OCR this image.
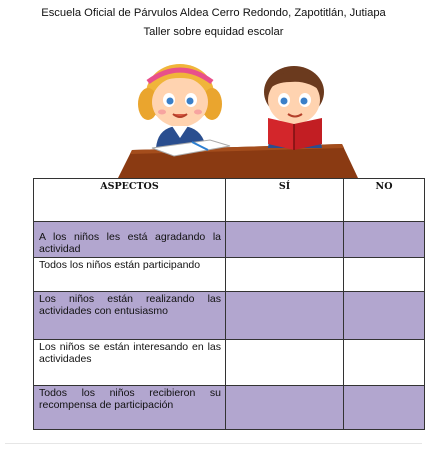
Escuela Oficial de Párvulos Aldea Cerro Redondo, Zapotitlán, Jutiapa
Taller sobre equidad escolar
ASPECTOS	SÍ	NO
A los niños les está agradando la actividad		
Todos los niños están participando		
Los niños están realizando las actividades con entusiasmo		
Los niños se están interesando en las actividades		
Todos los niños recibieron su recompensa de participación		
